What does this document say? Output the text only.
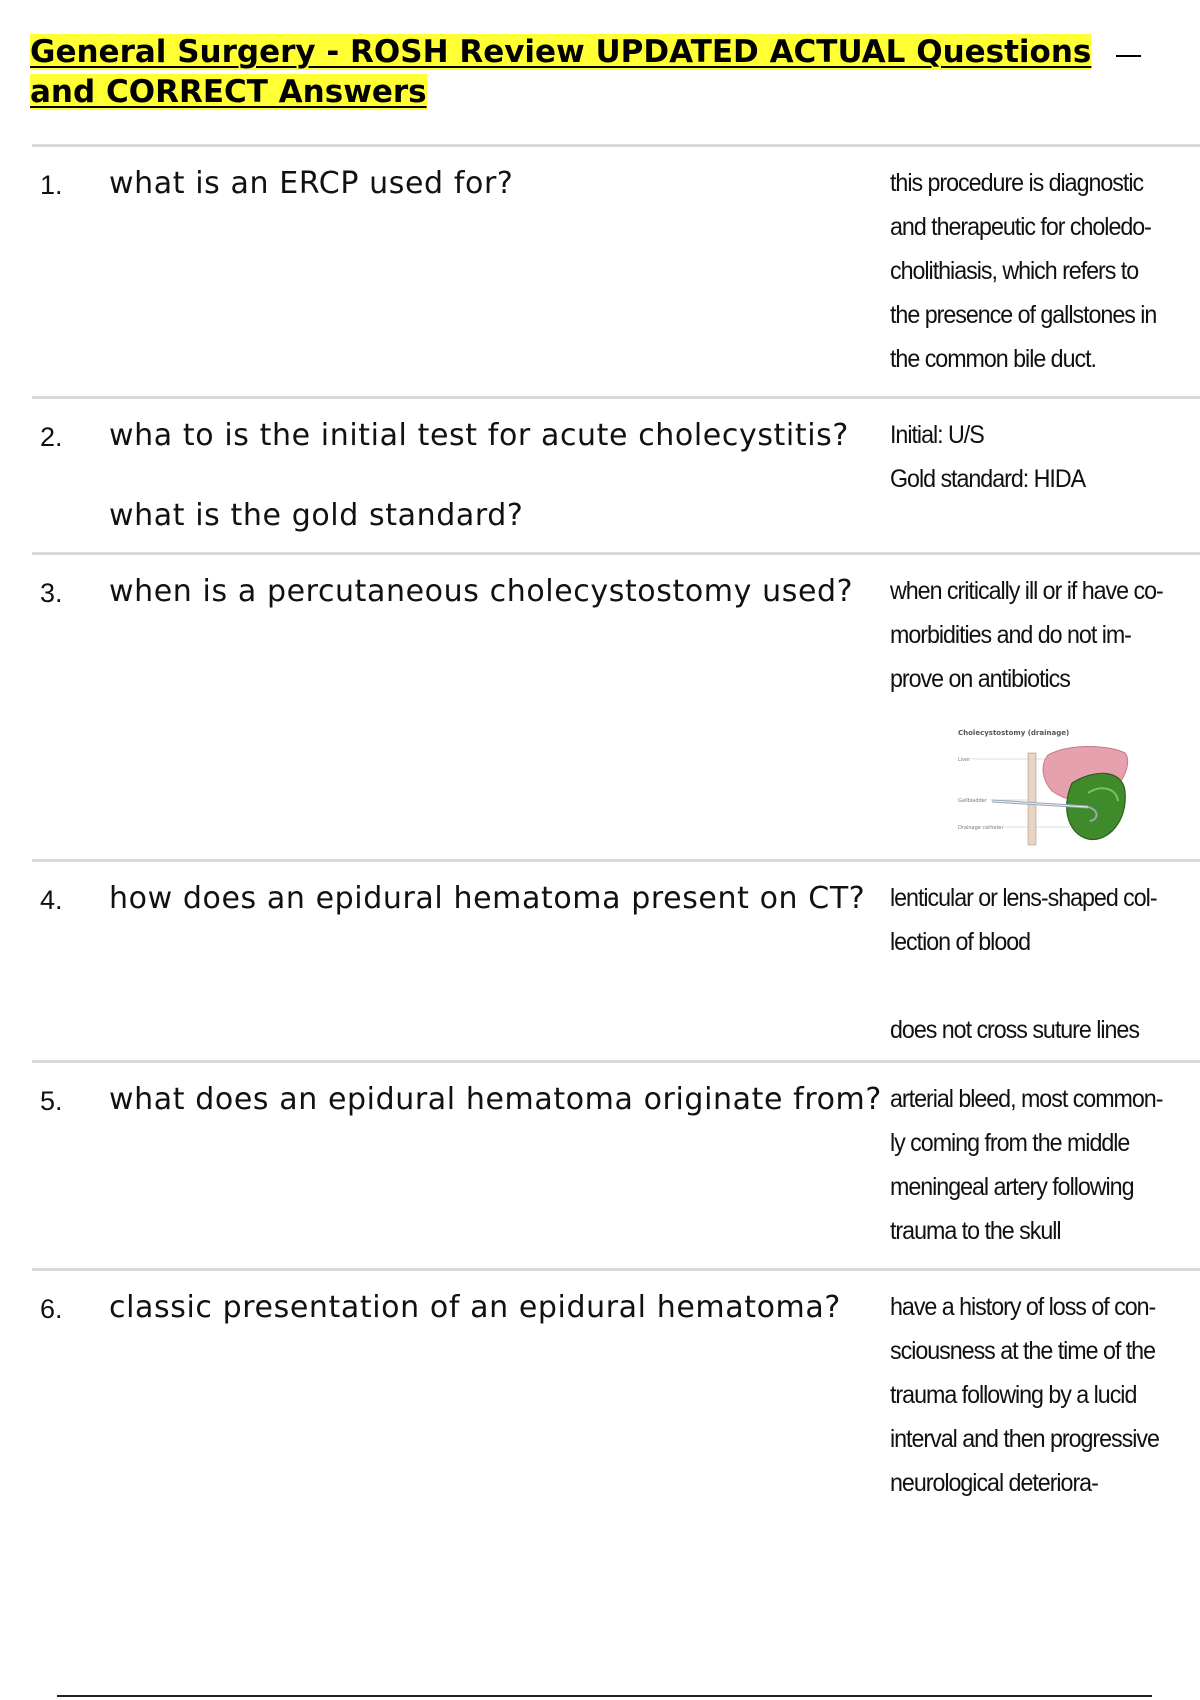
General Surgery - ROSH Review UPDATED ACTUAL Questions and CORRECT Answers
1. what is an ERCP used for?	this procedure is diagnostic and therapeutic for choledocholithiasis, which refers to the presence of gallstones in the common bile duct.

2. wha to is the initial test for acute cholecystitis?
what is the gold standard?

Initial: U/S

Gold standard: HIDA

3. when is a percutaneous cholecystostomy used?	when critically ill or if have comorbidities and do not improve on antibiotics

Cholecystostomy (drainage)
Liver
Gallbladder
Drainage catheter
4. how does an epidural hematoma present on CT? lenticular or lens-shaped collection of blood

does not cross suture lines

5. what does an epidural hematoma originate from? arterial bleed, most commonly coming from the middle meningeal artery following trauma to the skull

6. classic presentation of an epidural hematoma?	have a history of loss of consciousness at the time of the trauma following by a lucid interval and then progressive neurological deteriora-
